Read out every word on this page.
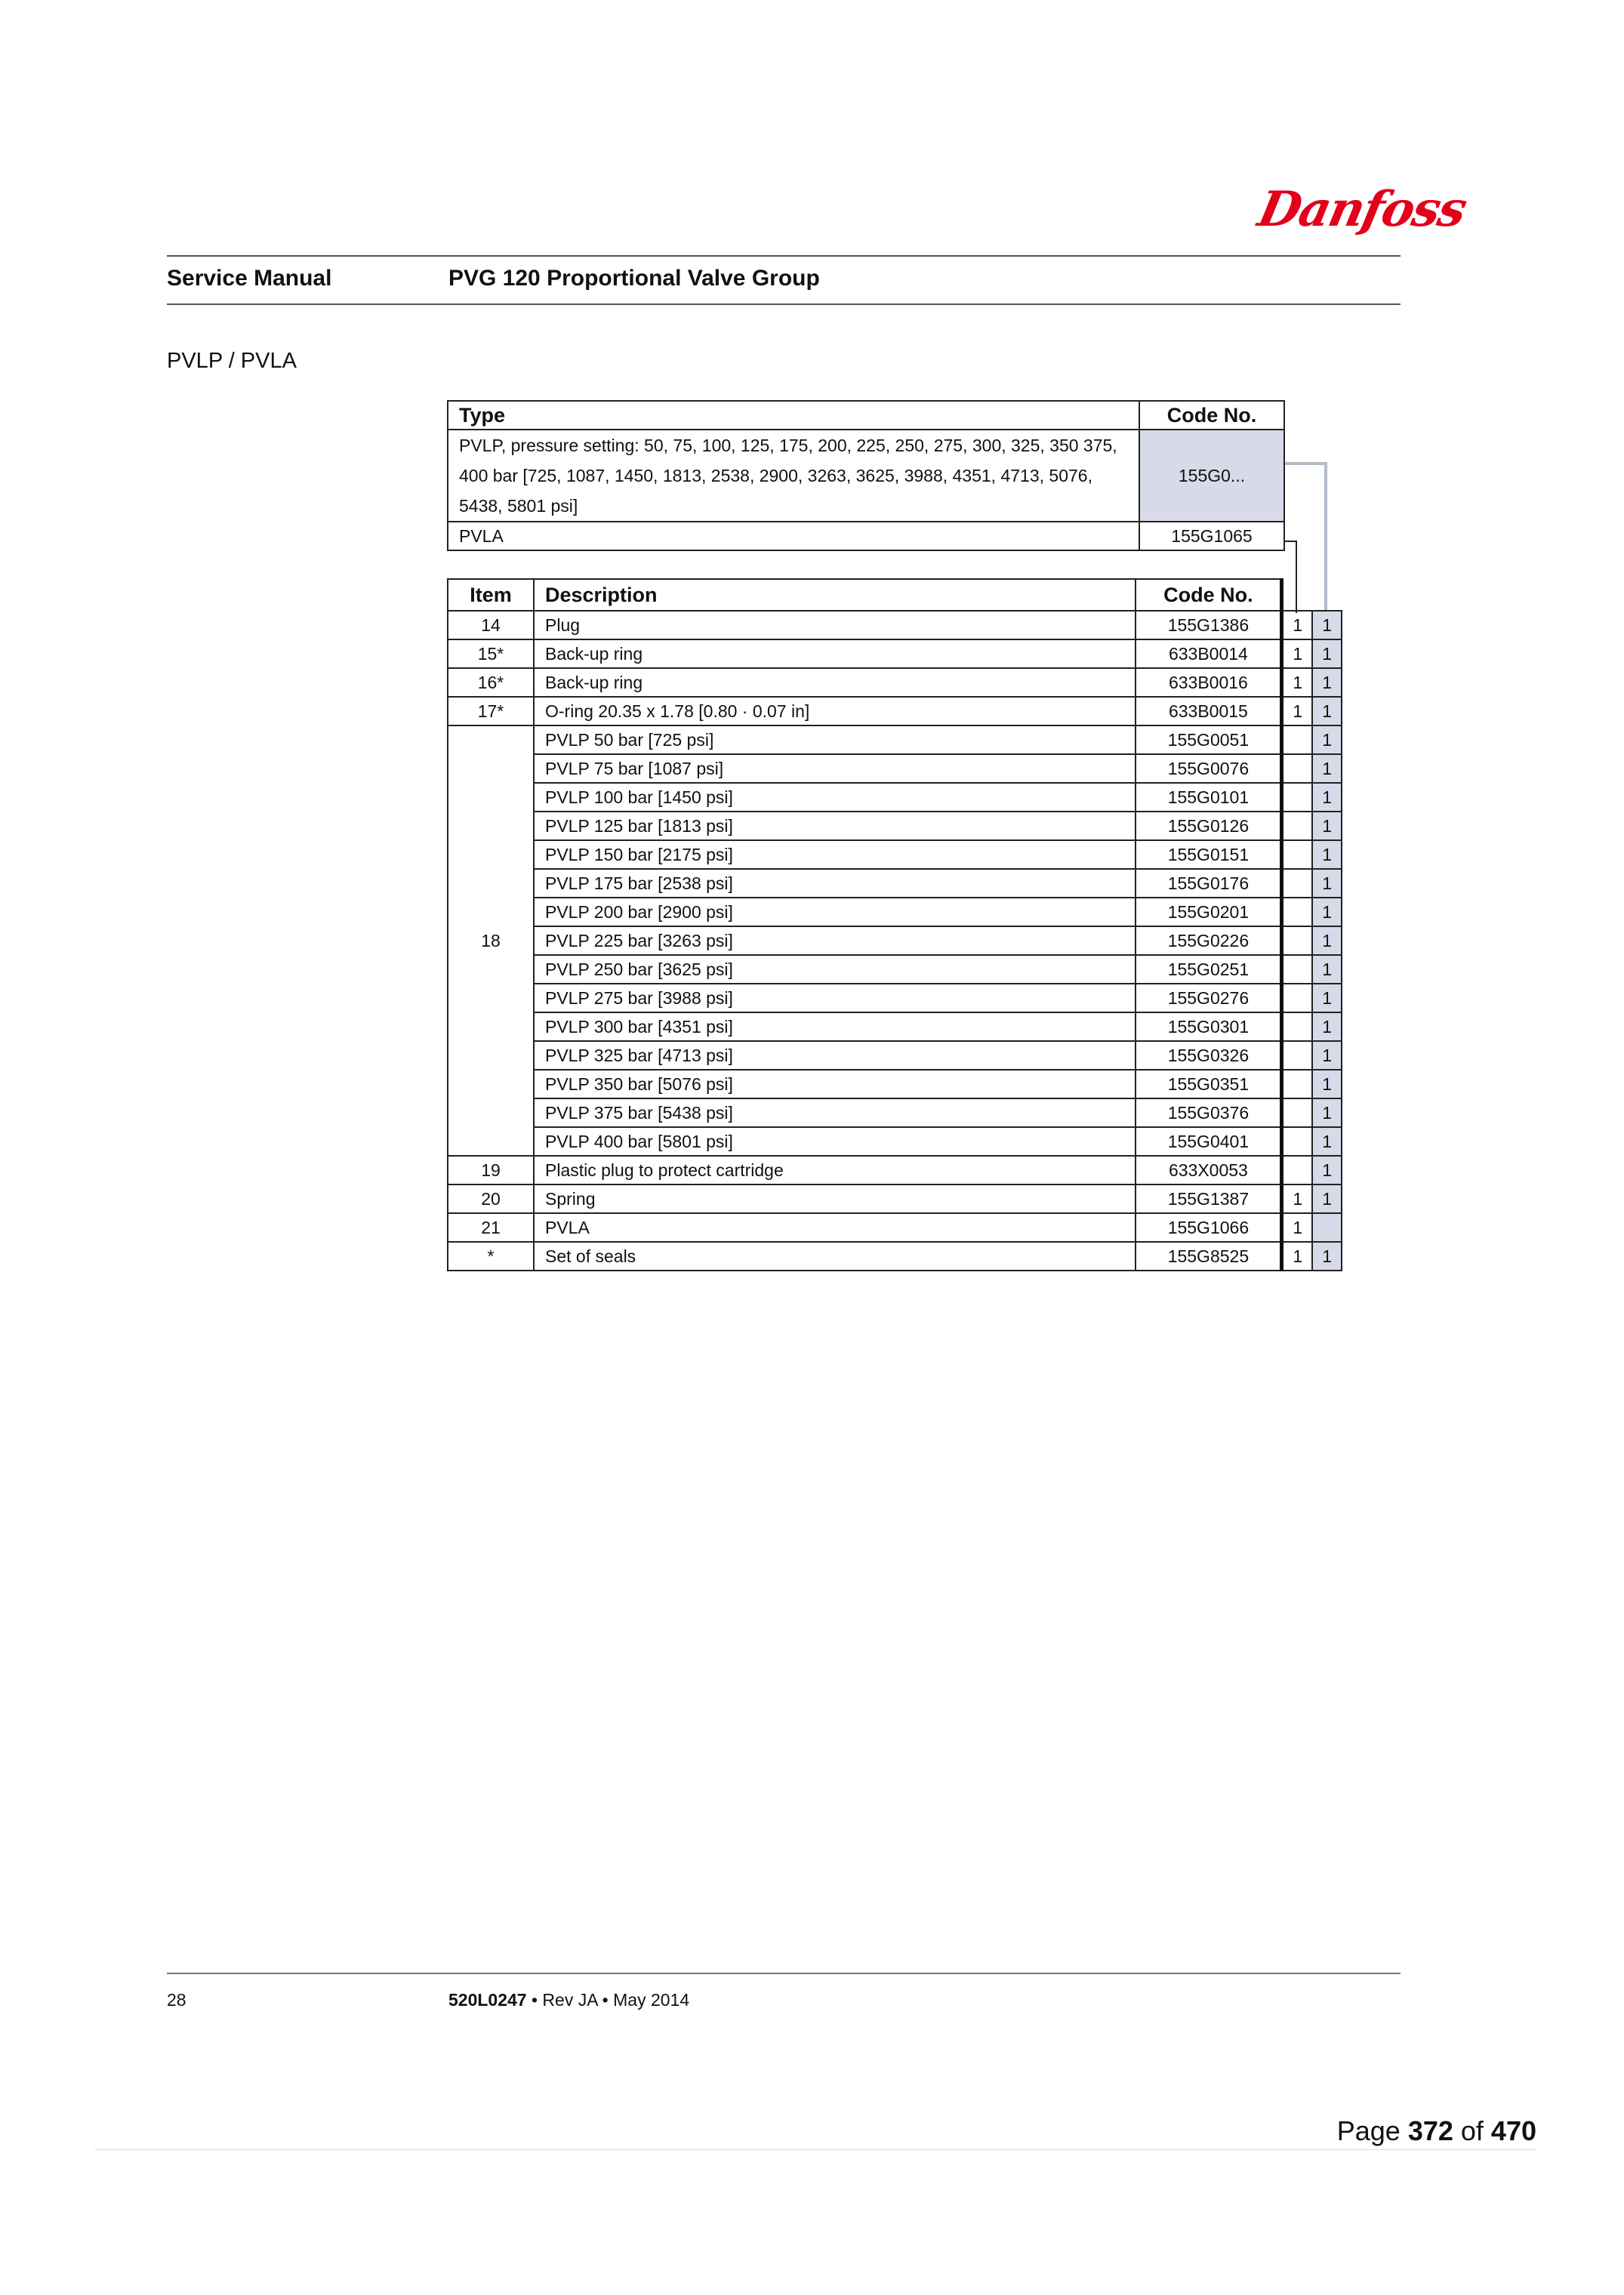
Danfoss
Service Manual	PVG 120 Proportional Valve Group
PVLP / PVLA
Type	Code No.
PVLP, pressure setting: 50, 75, 100, 125, 175, 200, 225, 250, 275, 300, 325, 350 375, 400 bar [725, 1087, 1450, 1813, 2538, 2900, 3263, 3625, 3988, 4351, 4713, 5076, 5438, 5801 psi]	155G0...
PVLA	155G1065
Item	Description	Code No.		
14	Plug	155G1386	1	1
15*	Back-up ring	633B0014	1	1
16*	Back-up ring	633B0016	1	1
17*	O-ring 20.35 x 1.78 [0.80 · 0.07 in]	633B0015	1	1
18	PVLP 50 bar [725 psi]	155G0051		1
	PVLP 75 bar [1087 psi]	155G0076		1
	PVLP 100 bar [1450 psi]	155G0101		1
	PVLP 125 bar [1813 psi]	155G0126		1
	PVLP 150 bar [2175 psi]	155G0151		1
	PVLP 175 bar [2538 psi]	155G0176		1
	PVLP 200 bar [2900 psi]	155G0201		1
	PVLP 225 bar [3263 psi]	155G0226		1
	PVLP 250 bar [3625 psi]	155G0251		1
	PVLP 275 bar [3988 psi]	155G0276		1
	PVLP 300 bar [4351 psi]	155G0301		1
	PVLP 325 bar [4713 psi]	155G0326		1
	PVLP 350 bar [5076 psi]	155G0351		1
	PVLP 375 bar [5438 psi]	155G0376		1
	PVLP 400 bar [5801 psi]	155G0401		1
19	Plastic plug to protect cartridge	633X0053		1
20	Spring	155G1387	1	1
21	PVLA	155G1066	1	
*	Set of seals	155G8525	1	1
28	520L0247 • Rev JA • May 2014
Page 372 of 470
